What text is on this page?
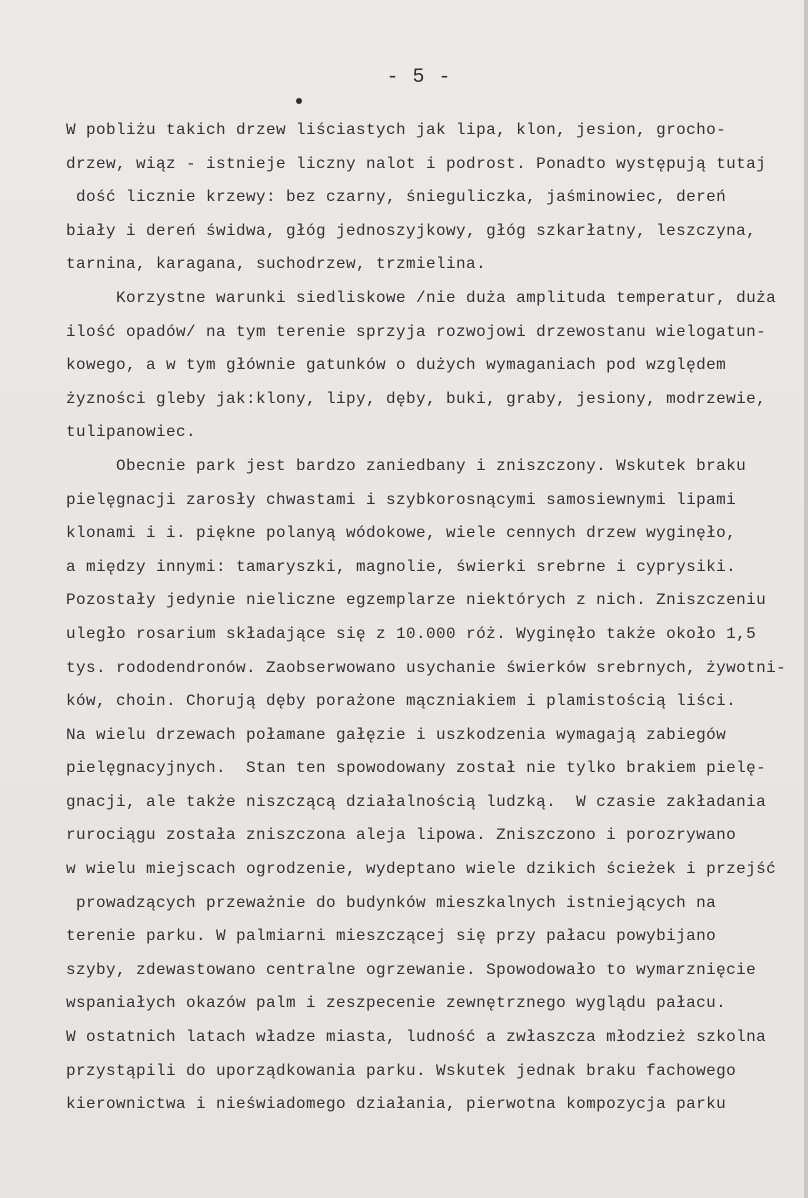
- 5 -
W pobliżu takich drzew liściastych jak lipa, klon, jesion, grocho-
drzew, wiąz - istnieje liczny nalot i podrost. Ponadto występują tutaj
dość licznie krzewy: bez czarny, śnieguliczka, jaśminowiec, dereń
biały i dereń świdwa, głóg jednoszyjkowy, głóg szkarłatny, leszczyna,
tarnina, karagana, suchodrzew, trzmielina.
Korzystne warunki siedliskowe /nie duża amplituda temperatur, duża
ilość opadów/ na tym terenie sprzyja rozwojowi drzewostanu wielogatun-
kowego, a w tym głównie gatunków o dużych wymaganiach pod względem
żyzności gleby jak:klony, lipy, dęby, buki, graby, jesiony, modrzewie,
tulipanowiec.
Obecnie park jest bardzo zaniedbany i zniszczony. Wskutek braku
pielęgnacji zarosły chwastami i szybkorosnącymi samosiewnymi lipami
klonami i i. piękne polanyą wódokowe, wiele cennych drzew wyginęło,
a między innymi: tamaryszki, magnolie, świerki srebrne i cyprysiki.
Pozostały jedynie nieliczne egzemplarze niektórych z nich. Zniszczeniu
uległo rosarium składające się z 10.000 róż. Wyginęło także około 1,5
tys. rododendronów. Zaobserwowano usychanie świerków srebrnych, żywotni-
ków, choin. Chorują dęby porażone mączniakiem i plamistością liści.
Na wielu drzewach połamane gałęzie i uszkodzenia wymagają zabiegów
pielęgnacyjnych.  Stan ten spowodowany został nie tylko brakiem pielę-
gnacji, ale także niszczącą działalnością ludzką.  W czasie zakładania
rurociągu została zniszczona aleja lipowa. Zniszczono i porozrywano
w wielu miejscach ogrodzenie, wydeptano wiele dzikich ścieżek i przejść
prowadzących przeważnie do budynków mieszkalnych istniejących na
terenie parku. W palmiarni mieszczącej się przy pałacu powybijano
szyby, zdewastowano centralne ogrzewanie. Spowodowało to wymarznięcie
wspaniałych okazów palm i zeszpecenie zewnętrznego wyglądu pałacu.
W ostatnich latach władze miasta, ludność a zwłaszcza młodzież szkolna
przystąpili do uporządkowania parku. Wskutek jednak braku fachowego
kierownictwa i nieświadomego działania, pierwotna kompozycja parku
